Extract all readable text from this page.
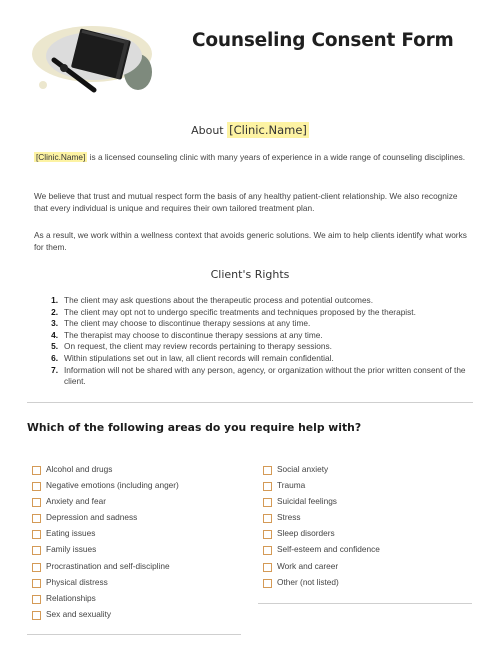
Counseling Consent Form
About [Clinic.Name]

[Clinic.Name] is a licensed counseling clinic with many years of experience in a wide range of counseling disciplines.

We believe that trust and mutual respect form the basis of any healthy patient-client relationship. We also recognize that every individual is unique and requires their own tailored treatment plan.

As a result, we work within a wellness context that avoids generic solutions. We aim to help clients identify what works for them.

Client's Rights
1. The client may ask questions about the therapeutic process and potential outcomes.
2. The client may opt not to undergo specific treatments and techniques proposed by the therapist.
3. The client may choose to discontinue therapy sessions at any time.
4. The therapist may choose to discontinue therapy sessions at any time.
5. On request, the client may review records pertaining to therapy sessions.
6. Within stipulations set out in law, all client records will remain confidential.
7. Information will not be shared with any person, agency, or organization without the prior written consent of the client.
Which of the following areas do you require help with?
Alcohol and drugs
Negative emotions (including anger)
Anxiety and fear
Depression and sadness
Eating issues
Family issues
Procrastination and self-discipline
Physical distress
Relationships
Sex and sexuality
Social anxiety
Trauma
Suicidal feelings
Stress
Sleep disorders
Self-esteem and confidence
Work and career
Other (not listed)
